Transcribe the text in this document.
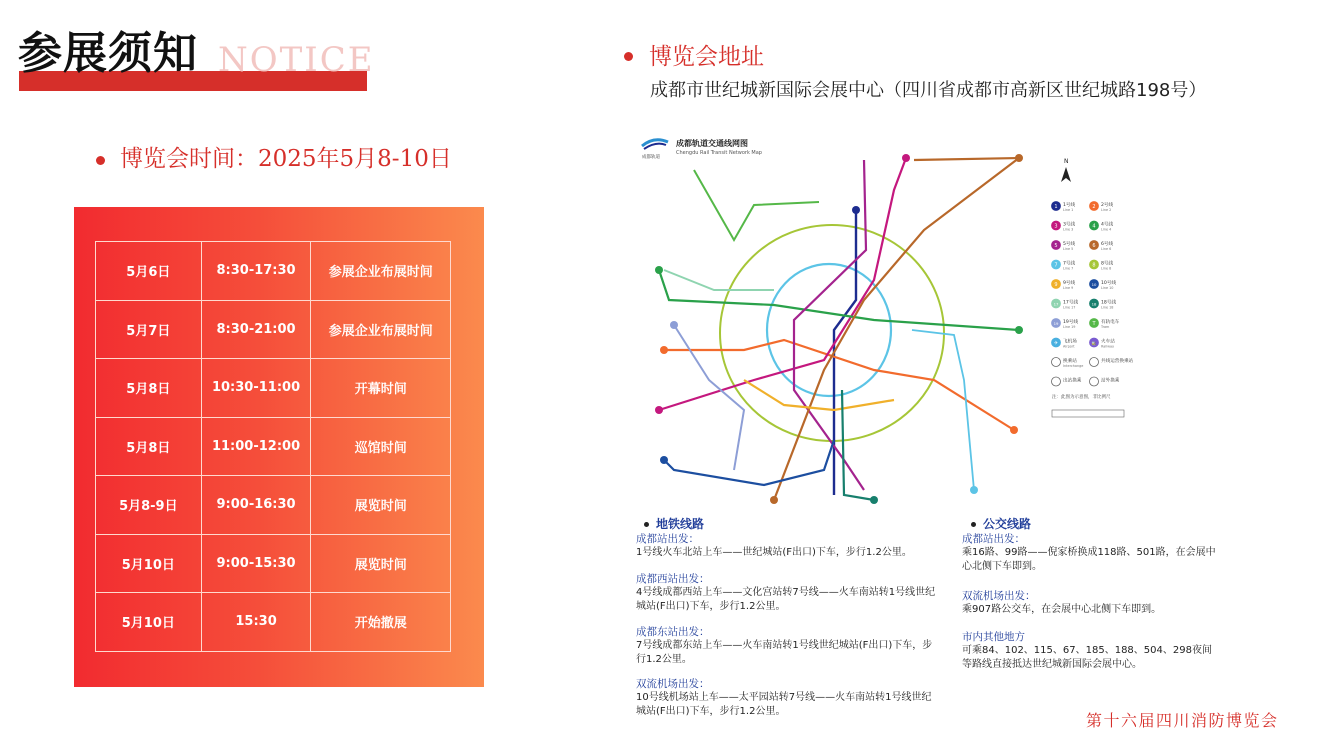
NOTICE
参展须知
博览会时间：2025年5月8-10日
5月6日	8:30-17:30	参展企业布展时间
5月7日	8:30-21:00	参展企业布展时间
5月8日	10:30-11:00	开幕时间
5月8日	11:00-12:00	巡馆时间
5月8-9日	9:00-16:30	展览时间
5月10日	9:00-15:30	展览时间
5月10日	15:30	开始撤展
博览会地址
成都市世纪城新国际会展中心（四川省成都市高新区世纪城路198号）
成都轨道
成都轨道交通线网图
Chengdu Rail Transit Network Map
N
1 1号线
Line 1
2 2号线
Line 2
3 3号线
Line 3
4 4号线
Line 4
5 5号线
Line 5
6 6号线
Line 6
7 7号线
Line 7
8 8号线
Line 8
9 9号线
Line 9
10 10号线
Line 10
17 17号线
Line 17
18 18号线
Line 18
19 19号线
Line 19
T 有轨电车
Tram
✈ 飞机场
Airport
🚉 火车站
Railway
换乘站
Interchange
共线运营换乘站
出站换乘	站外换乘
注：此图为示意图，非比例尺
地铁线路
成都站出发：
1号线火车北站上车——世纪城站(F出口)下车，步行1.2公里。
成都西站出发：
4号线成都西站上车——文化宫站转7号线——火车南站转1号线世纪
城站(F出口)下车，步行1.2公里。
成都东站出发：
7号线成都东站上车——火车南站转1号线世纪城站(F出口)下车，步
行1.2公里。
双流机场出发：
10号线机场站上车——太平园站转7号线——火车南站转1号线世纪
城站(F出口)下车，步行1.2公里。
公交线路
成都站出发：
乘16路、99路——倪家桥换成118路、501路，在会展中
心北侧下车即到。
双流机场出发：
乘907路公交车，在会展中心北侧下车即到。
市内其他地方
可乘84、102、115、67、185、188、504、298夜间
等路线直接抵达世纪城新国际会展中心。
第十六届四川消防博览会
